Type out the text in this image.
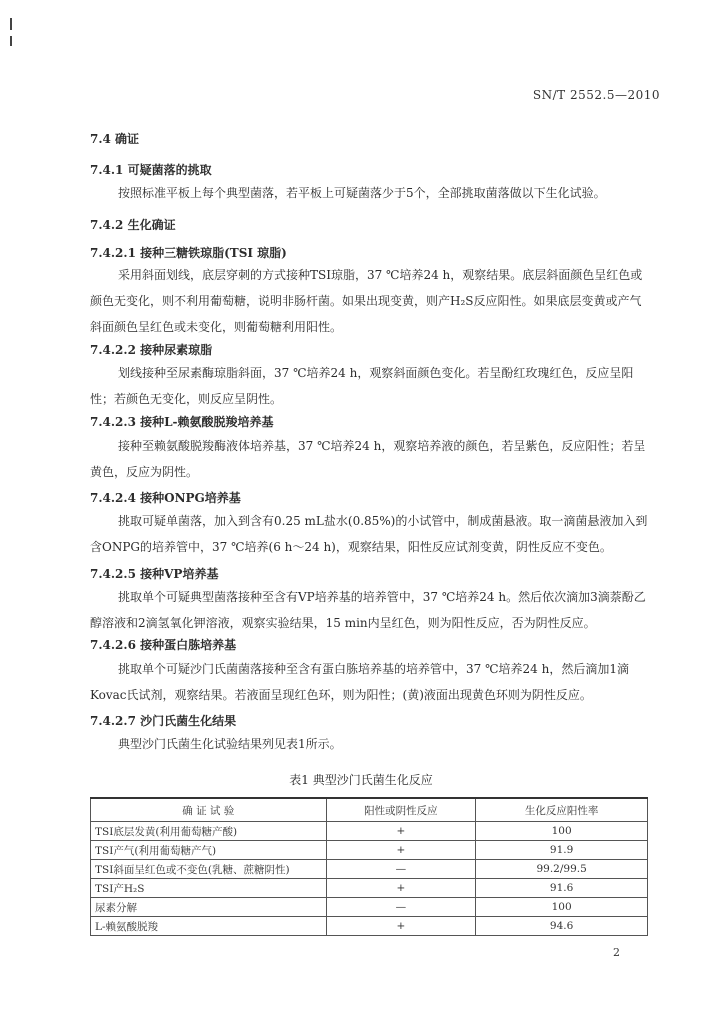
SN/T 2552.5—2010
7.4 确证
7.4.1 可疑菌落的挑取
按照标准平板上每个典型菌落，若平板上可疑菌落少于5个，全部挑取菌落做以下生化试验。
7.4.2 生化确证
7.4.2.1 接种三糖铁琼脂(TSI 琼脂)
采用斜面划线，底层穿刺的方式接种TSI琼脂，37 ℃培养24 h，观察结果。底层斜面颜色呈红色或颜色无变化，则不利用葡萄糖，说明非肠杆菌。如果出现变黄，则产H₂S反应阳性。如果底层变黄或产气斜面颜色呈红色或未变化，则葡萄糖利用阳性。
7.4.2.2 接种尿素琼脂
划线接种至尿素酶琼脂斜面，37 ℃培养24 h，观察斜面颜色变化。若呈酚红玫瑰红色，反应呈阳性；若颜色无变化，则反应呈阴性。
7.4.2.3 接种L-赖氨酸脱羧培养基
接种至赖氨酸脱羧酶液体培养基，37 ℃培养24 h，观察培养液的颜色，若呈紫色，反应阳性；若呈黄色，反应为阴性。
7.4.2.4 接种ONPG培养基
挑取可疑单菌落，加入到含有0.25 mL盐水(0.85%)的小试管中，制成菌悬液。取一滴菌悬液加入到含ONPG的培养管中，37 ℃培养(6 h～24 h)，观察结果，阳性反应试剂变黄，阴性反应不变色。
7.4.2.5 接种VP培养基
挑取单个可疑典型菌落接种至含有VP培养基的培养管中，37 ℃培养24 h。然后依次滴加3滴萘酚乙醇溶液和2滴氢氧化钾溶液，观察实验结果，15 min内呈红色，则为阳性反应，否为阴性反应。
7.4.2.6 接种蛋白胨培养基
挑取单个可疑沙门氏菌菌落接种至含有蛋白胨培养基的培养管中，37 ℃培养24 h，然后滴加1滴Kovac氏试剂，观察结果。若液面呈现红色环，则为阳性；(黄)液面出现黄色环则为阴性反应。
7.4.2.7 沙门氏菌生化结果
典型沙门氏菌生化试验结果列见表1所示。
表1 典型沙门氏菌生化反应
确 证 试 验	阳性或阴性反应	生化反应阳性率
TSI底层发黄(利用葡萄糖产酸)	+	100
TSI产气(利用葡萄糖产气)	+	91.9
TSI斜面呈红色或不变色(乳糖、蔗糖阴性)	—	99.2/99.5
TSI产H₂S	+	91.6
尿素分解	—	100
L-赖氨酸脱羧	+	94.6
2
